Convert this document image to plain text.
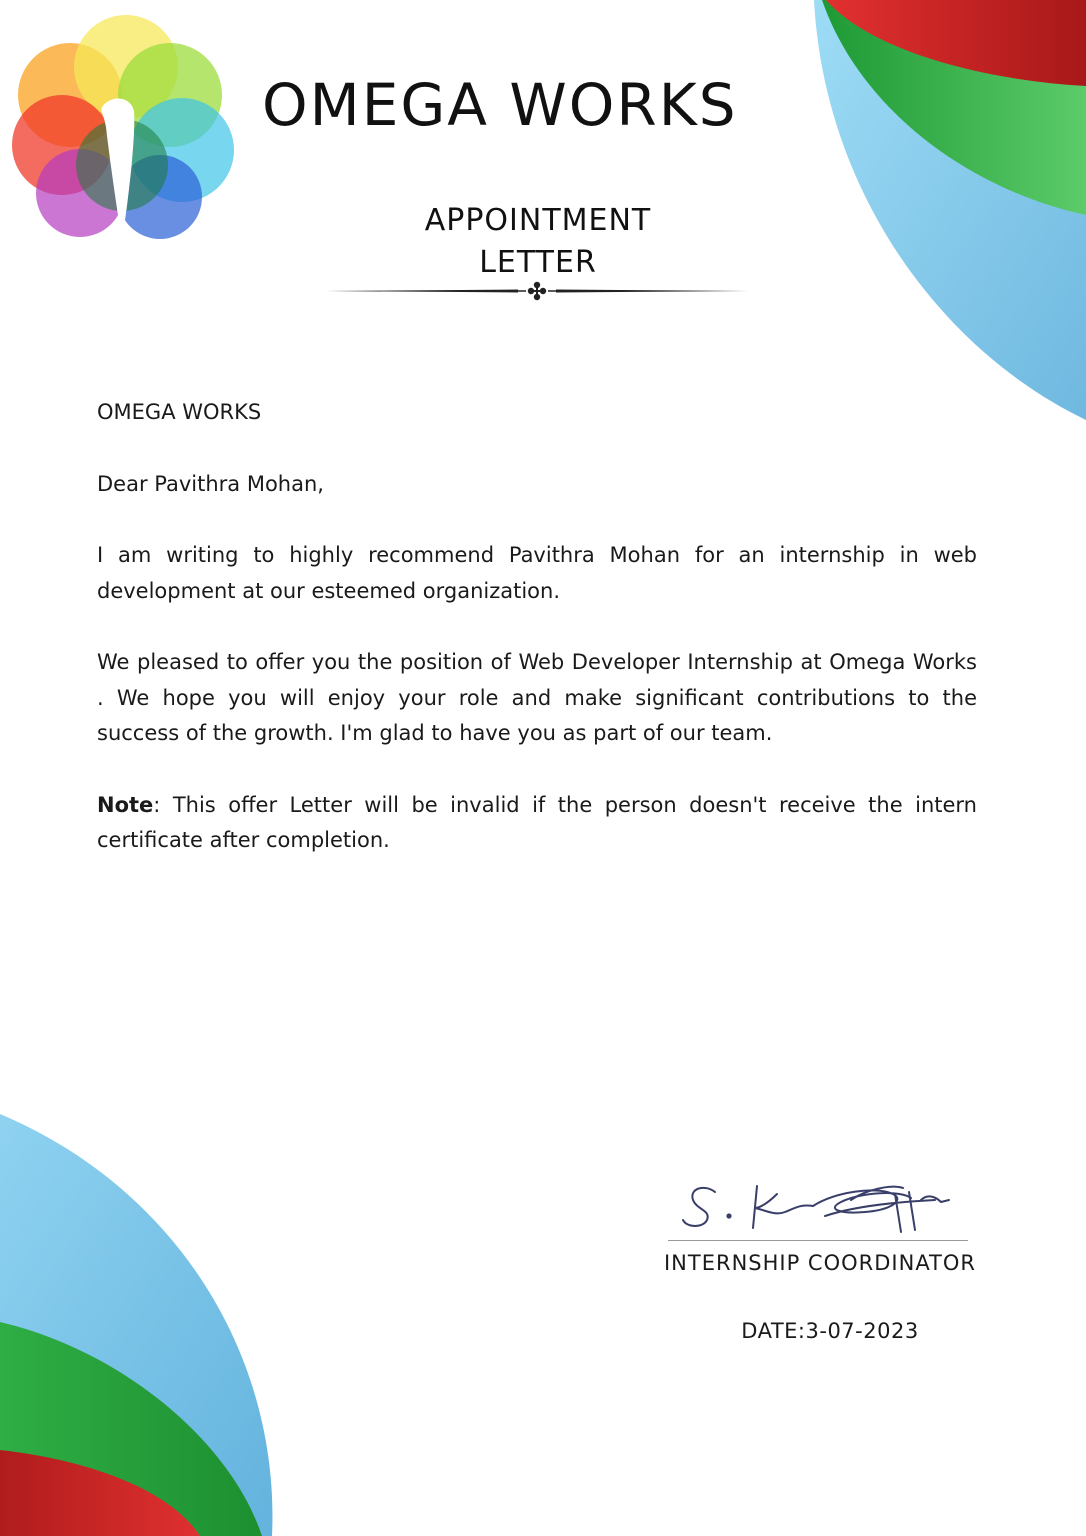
OMEGA WORKS
APPOINTMENT
LETTER

OMEGA WORKS

Dear Pavithra Mohan,

I am writing to highly recommend Pavithra Mohan for an internship in web development at our esteemed organization.

We pleased to offer you the position of Web Developer Internship at Omega Works . We hope you will enjoy your role and make significant contributions to the success of the growth. I'm glad to have you as part of our team.

Note: This offer Letter will be invalid if the person doesn't receive the intern certificate after completion.

INTERNSHIP COORDINATOR
DATE:3-07-2023
